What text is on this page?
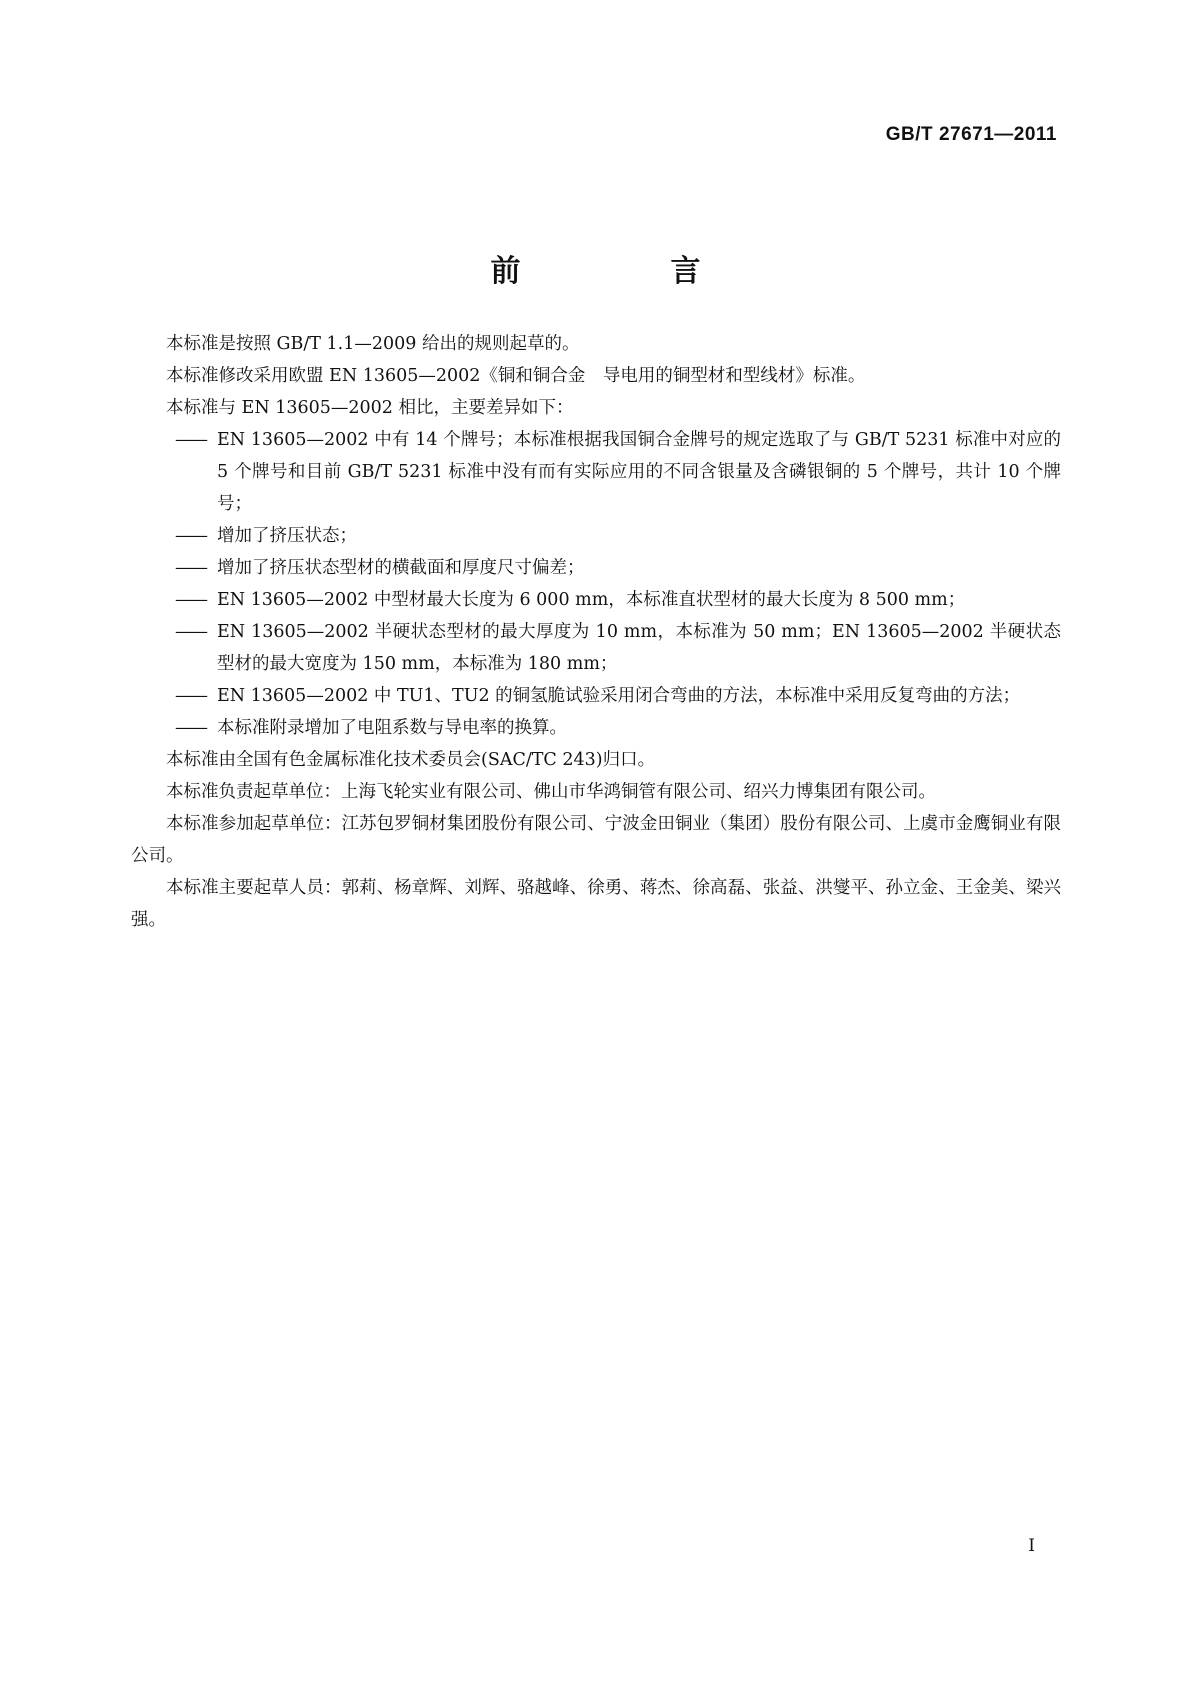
GB/T 27671—2011
前　言

本标准是按照 GB/T 1.1—2009 给出的规则起草的。

本标准修改采用欧盟 EN 13605—2002《铜和铜合金　导电用的铜型材和型线材》标准。

本标准与 EN 13605—2002 相比，主要差异如下：

—— EN 13605—2002 中有 14 个牌号；本标准根据我国铜合金牌号的规定选取了与 GB/T 5231 标准中对应的 5 个牌号和目前 GB/T 5231 标准中没有而有实际应用的不同含银量及含磷银铜的 5 个牌号，共计 10 个牌号；

—— 增加了挤压状态；

—— 增加了挤压状态型材的横截面和厚度尺寸偏差；

—— EN 13605—2002 中型材最大长度为 6 000 mm，本标准直状型材的最大长度为 8 500 mm；

—— EN 13605—2002 半硬状态型材的最大厚度为 10 mm，本标准为 50 mm；EN 13605—2002 半硬状态型材的最大宽度为 150 mm，本标准为 180 mm；

—— EN 13605—2002 中 TU1、TU2 的铜氢脆试验采用闭合弯曲的方法，本标准中采用反复弯曲的方法；

—— 本标准附录增加了电阻系数与导电率的换算。

本标准由全国有色金属标准化技术委员会(SAC/TC 243)归口。

本标准负责起草单位：上海飞轮实业有限公司、佛山市华鸿铜管有限公司、绍兴力博集团有限公司。

本标准参加起草单位：江苏包罗铜材集团股份有限公司、宁波金田铜业（集团）股份有限公司、上虞市金鹰铜业有限公司。

本标准主要起草人员：郭莉、杨章辉、刘辉、骆越峰、徐勇、蒋杰、徐高磊、张益、洪燮平、孙立金、王金美、梁兴强。

I
